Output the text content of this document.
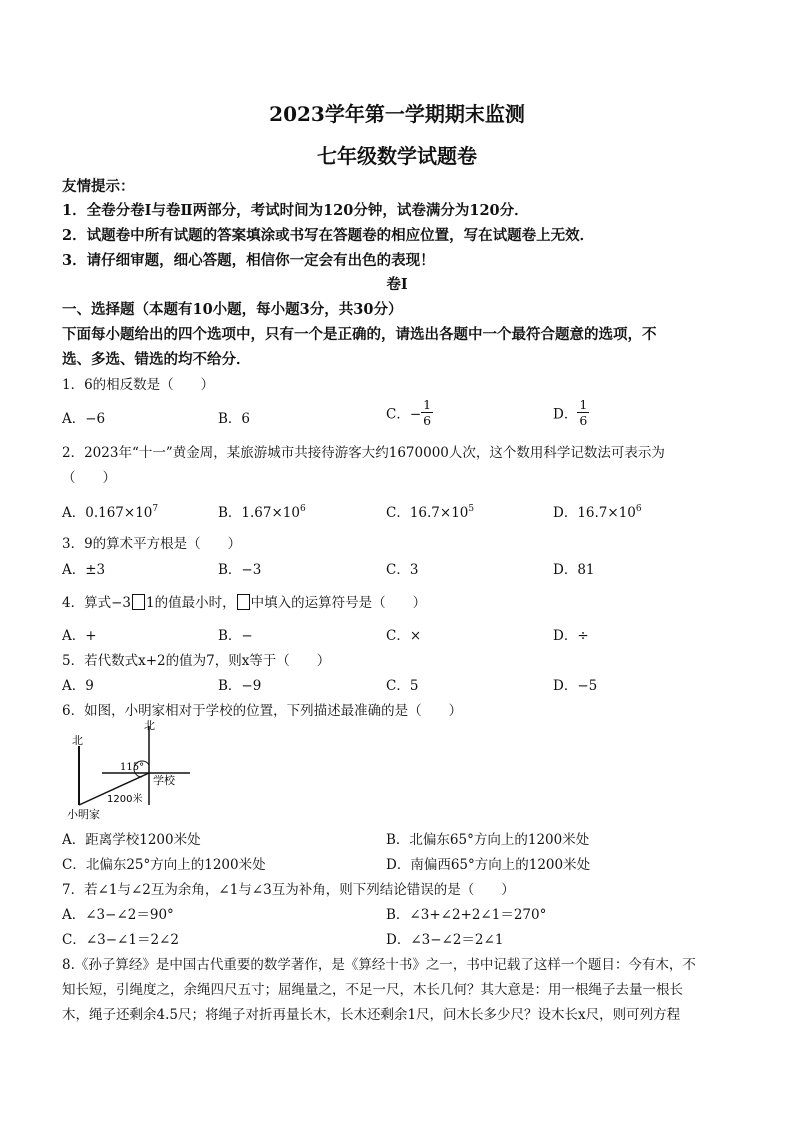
2023学年第一学期期末监测
七年级数学试题卷
友情提示：
1．全卷分卷Ⅰ与卷Ⅱ两部分，考试时间为120分钟，试卷满分为120分．
2．试题卷中所有试题的答案填涂或书写在答题卷的相应位置，写在试题卷上无效．
3．请仔细审题，细心答题，相信你一定会有出色的表现！
卷Ⅰ
一、选择题（本题有10小题，每小题3分，共30分）
下面每小题给出的四个选项中，只有一个是正确的，请选出各题中一个最符合题意的选项，不
选、多选、错选的均不给分．
1．6的相反数是（　　）
A．−6	B．6	C．− $\frac{1}{6}$	D． $\frac{1}{6}$
2．2023年“十一”黄金周，某旅游城市共接待游客大约1670000人次，这个数用科学记数法可表示为
（　　）
A．$0.167\times 10^7$	B．$1.67\times 10^6$	C．$16.7\times 10^5$	D．$16.7\times 10^6$
3．9的算术平方根是（　　）
A．±3	B．−3	C．3	D．81
4．算式−3 1的值最小时， 中填入的运算符号是（　　）
A．+	B．−	C．×	D．÷
5．若代数式x+2的值为7，则x等于（　　）
A．9	B．−9	C．5	D．−5
6．如图，小明家相对于学校的位置，下列描述最准确的是（　　）
北
北
115°
学校
1200米
小明家
A．距离学校1200米处	B．北偏东65°方向上的1200米处
C．北偏东25°方向上的1200米处	D．南偏西65°方向上的1200米处
7．若∠1与∠2互为余角，∠1与∠3互为补角，则下列结论错误的是（　　）
A．∠3−∠2＝90°	B．∠3+∠2+2∠1＝270°
C．∠3−∠1＝2∠2	D．∠3−∠2＝2∠1
8.《孙子算经》是中国古代重要的数学著作，是《算经十书》之一，书中记载了这样一个题目：今有木，不
知长短，引绳度之，余绳四尺五寸；屈绳量之，不足一尺，木长几何？其大意是：用一根绳子去量一根长
木，绳子还剩余4.5尺；将绳子对折再量长木，长木还剩余1尺，问木长多少尺？设木长x尺，则可列方程
